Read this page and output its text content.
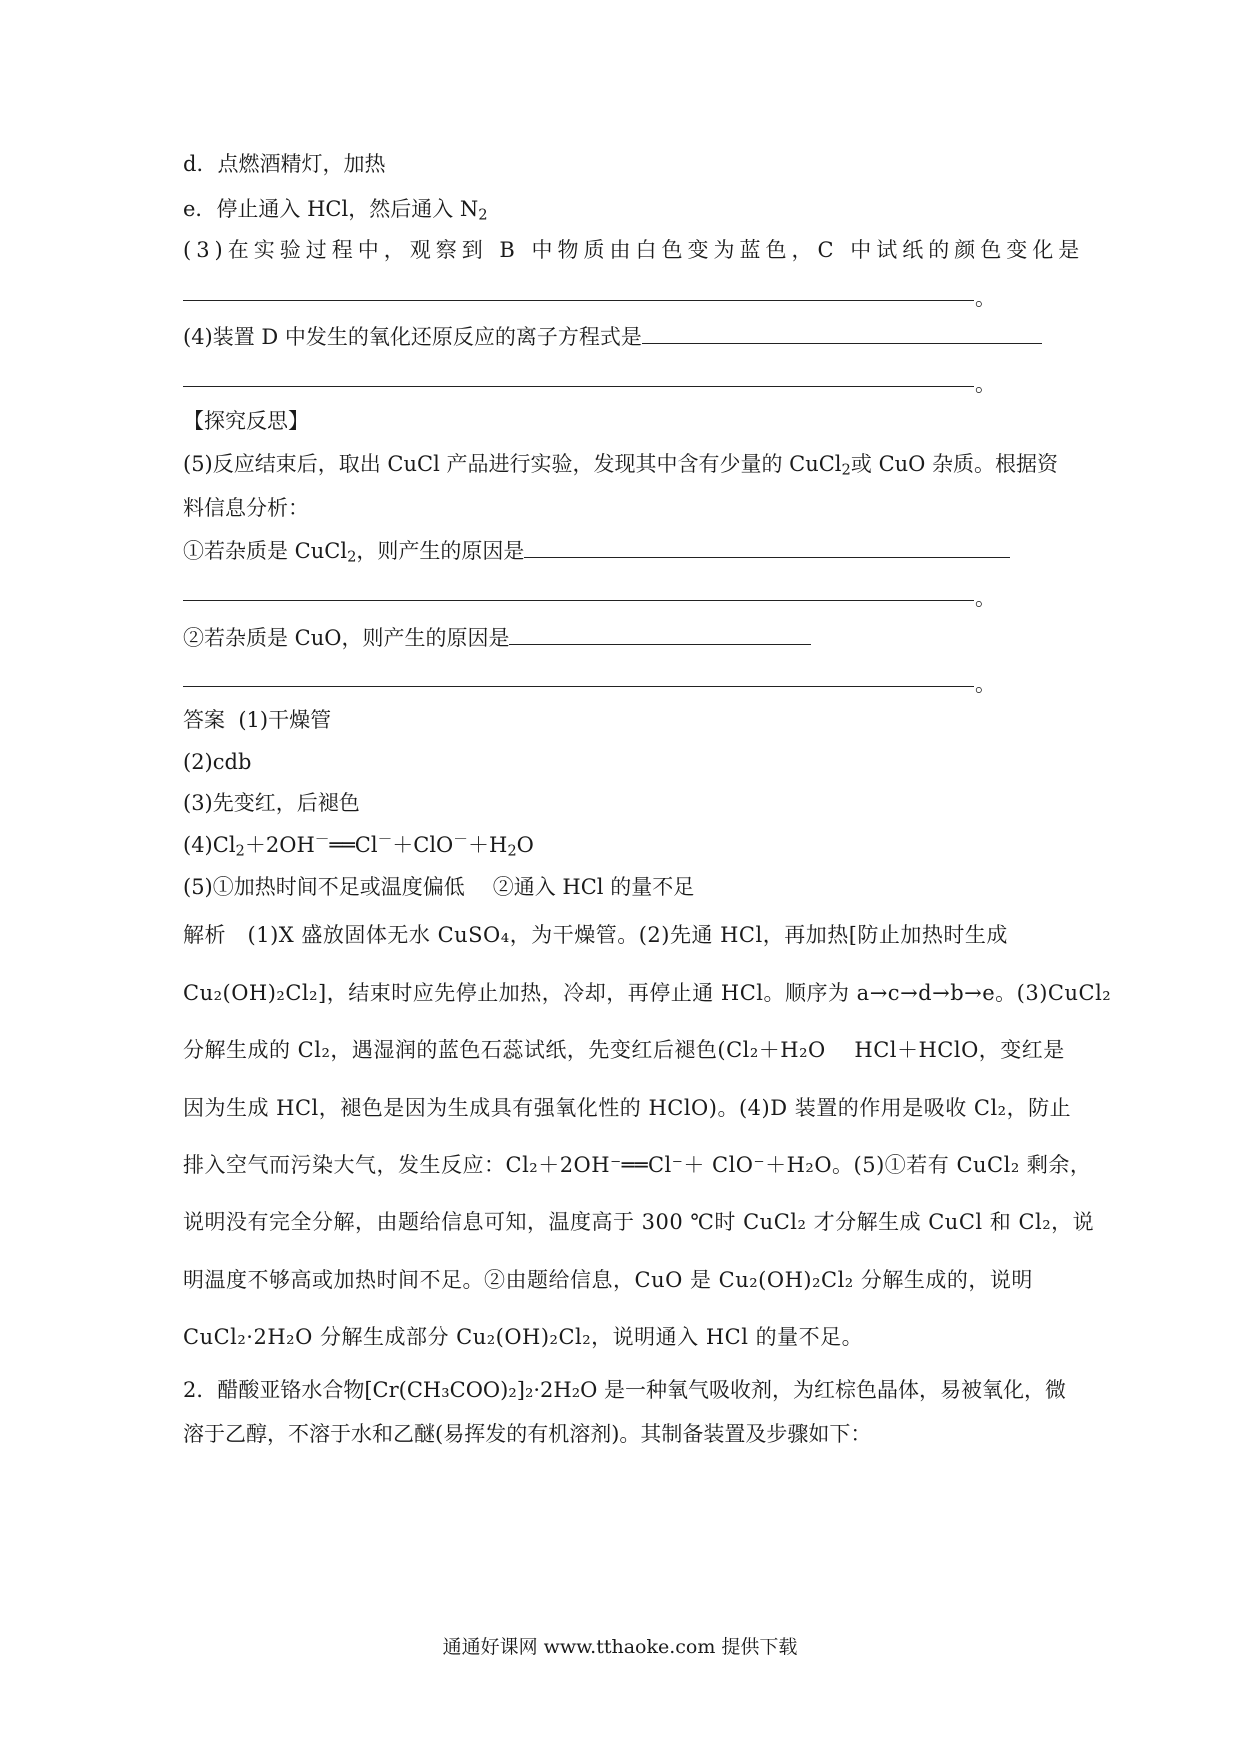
d．点燃酒精灯，加热
e．停止通入 HCl，然后通入 $N_2$
(3)在实验过程中，观察到 B 中物质由白色变为蓝色，C 中试纸的颜色变化是
。
(4)装置 D 中发生的氧化还原反应的离子方程式是
。
【探究反思】
(5)反应结束后，取出 CuCl 产品进行实验，发现其中含有少量的 CuCl$_2$或 CuO 杂质。根据资
料信息分析：
①若杂质是 CuCl$_2$，则产生的原因是
。
②若杂质是 CuO，则产生的原因是
。
答案 (1)干燥管
(2)cdb
(3)先变红，后褪色
$(4)Cl_2+2OH^-══Cl^-+ClO^-+H_2O$
(5)①加热时间不足或温度偏低 ②通入 HCl 的量不足
解析 (1)X 盛放固体无水 CuSO₄，为干燥管。(2)先通 HCl，再加热[防止加热时生成
Cu₂(OH)₂Cl₂]，结束时应先停止加热，冷却，再停止通 HCl。顺序为 a→c→d→b→e。(3)CuCl₂
分解生成的 Cl₂，遇湿润的蓝色石蕊试纸，先变红后褪色(Cl₂＋H₂O　 HCl＋HClO，变红是
因为生成 HCl，褪色是因为生成具有强氧化性的 HClO)。(4)D 装置的作用是吸收 Cl₂，防止
排入空气而污染大气，发生反应：Cl₂＋2OH⁻══Cl⁻＋ ClO⁻＋H₂O。(5)①若有 CuCl₂ 剩余，
说明没有完全分解，由题给信息可知，温度高于 300 ℃时 CuCl₂ 才分解生成 CuCl 和 Cl₂，说
明温度不够高或加热时间不足。②由题给信息，CuO 是 Cu₂(OH)₂Cl₂ 分解生成的，说明
CuCl₂·2H₂O 分解生成部分 Cu₂(OH)₂Cl₂，说明通入 HCl 的量不足。
2．醋酸亚铬水合物[Cr(CH₃COO)₂]₂·2H₂O 是一种氧气吸收剂，为红棕色晶体，易被氧化，微
溶于乙醇，不溶于水和乙醚(易挥发的有机溶剂)。其制备装置及步骤如下：
通通好课网 www.tthaoke.com 提供下载
